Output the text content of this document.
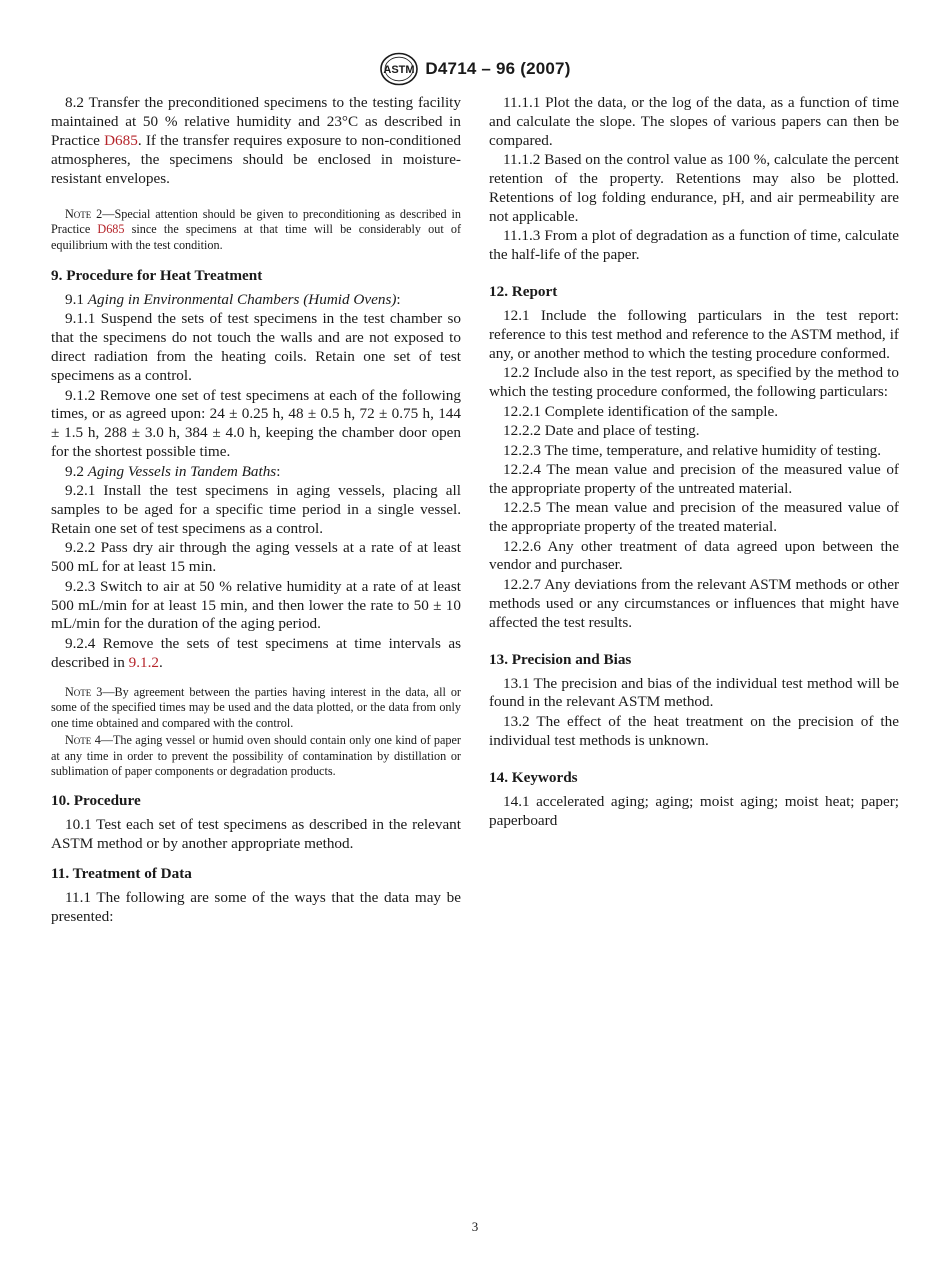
ASTM D4714 – 96 (2007)

8.2 Transfer the preconditioned specimens to the testing facility maintained at 50 % relative humidity and 23°C as described in Practice D685. If the transfer requires exposure to non-conditioned atmospheres, the specimens should be enclosed in moisture-resistant envelopes.

Note 2—Special attention should be given to preconditioning as described in Practice D685 since the specimens at that time will be considerably out of equilibrium with the test condition.

9. Procedure for Heat Treatment

9.1 Aging in Environmental Chambers (Humid Ovens):

9.1.1 Suspend the sets of test specimens in the test chamber so that the specimens do not touch the walls and are not exposed to direct radiation from the heating coils. Retain one set of test specimens as a control.

9.1.2 Remove one set of test specimens at each of the following times, or as agreed upon: 24 ± 0.25 h, 48 ± 0.5 h, 72 ± 0.75 h, 144 ± 1.5 h, 288 ± 3.0 h, 384 ± 4.0 h, keeping the chamber door open for the shortest possible time.

9.2 Aging Vessels in Tandem Baths:

9.2.1 Install the test specimens in aging vessels, placing all samples to be aged for a specific time period in a single vessel. Retain one set of test specimens as a control.

9.2.2 Pass dry air through the aging vessels at a rate of at least 500 mL for at least 15 min.

9.2.3 Switch to air at 50 % relative humidity at a rate of at least 500 mL/min for at least 15 min, and then lower the rate to 50 ± 10 mL/min for the duration of the aging period.

9.2.4 Remove the sets of test specimens at time intervals as described in 9.1.2.

Note 3—By agreement between the parties having interest in the data, all or some of the specified times may be used and the data plotted, or the data from only one time obtained and compared with the control.

Note 4—The aging vessel or humid oven should contain only one kind of paper at any time in order to prevent the possibility of contamination by distillation or sublimation of paper components or degradation products.

10. Procedure

10.1 Test each set of test specimens as described in the relevant ASTM method or by another appropriate method.

11. Treatment of Data

11.1 The following are some of the ways that the data may be presented:

11.1.1 Plot the data, or the log of the data, as a function of time and calculate the slope. The slopes of various papers can then be compared.

11.1.2 Based on the control value as 100 %, calculate the percent retention of the property. Retentions may also be plotted. Retentions of log folding endurance, pH, and air permeability are not applicable.

11.1.3 From a plot of degradation as a function of time, calculate the half-life of the paper.

12. Report

12.1 Include the following particulars in the test report: reference to this test method and reference to the ASTM method, if any, or another method to which the testing procedure conformed.

12.2 Include also in the test report, as specified by the method to which the testing procedure conformed, the following particulars:

12.2.1 Complete identification of the sample.

12.2.2 Date and place of testing.

12.2.3 The time, temperature, and relative humidity of testing.

12.2.4 The mean value and precision of the measured value of the appropriate property of the untreated material.

12.2.5 The mean value and precision of the measured value of the appropriate property of the treated material.

12.2.6 Any other treatment of data agreed upon between the vendor and purchaser.

12.2.7 Any deviations from the relevant ASTM methods or other methods used or any circumstances or influences that might have affected the test results.

13. Precision and Bias

13.1 The precision and bias of the individual test method will be found in the relevant ASTM method.

13.2 The effect of the heat treatment on the precision of the individual test methods is unknown.

14. Keywords

14.1 accelerated aging; aging; moist aging; moist heat; paper; paperboard

3
